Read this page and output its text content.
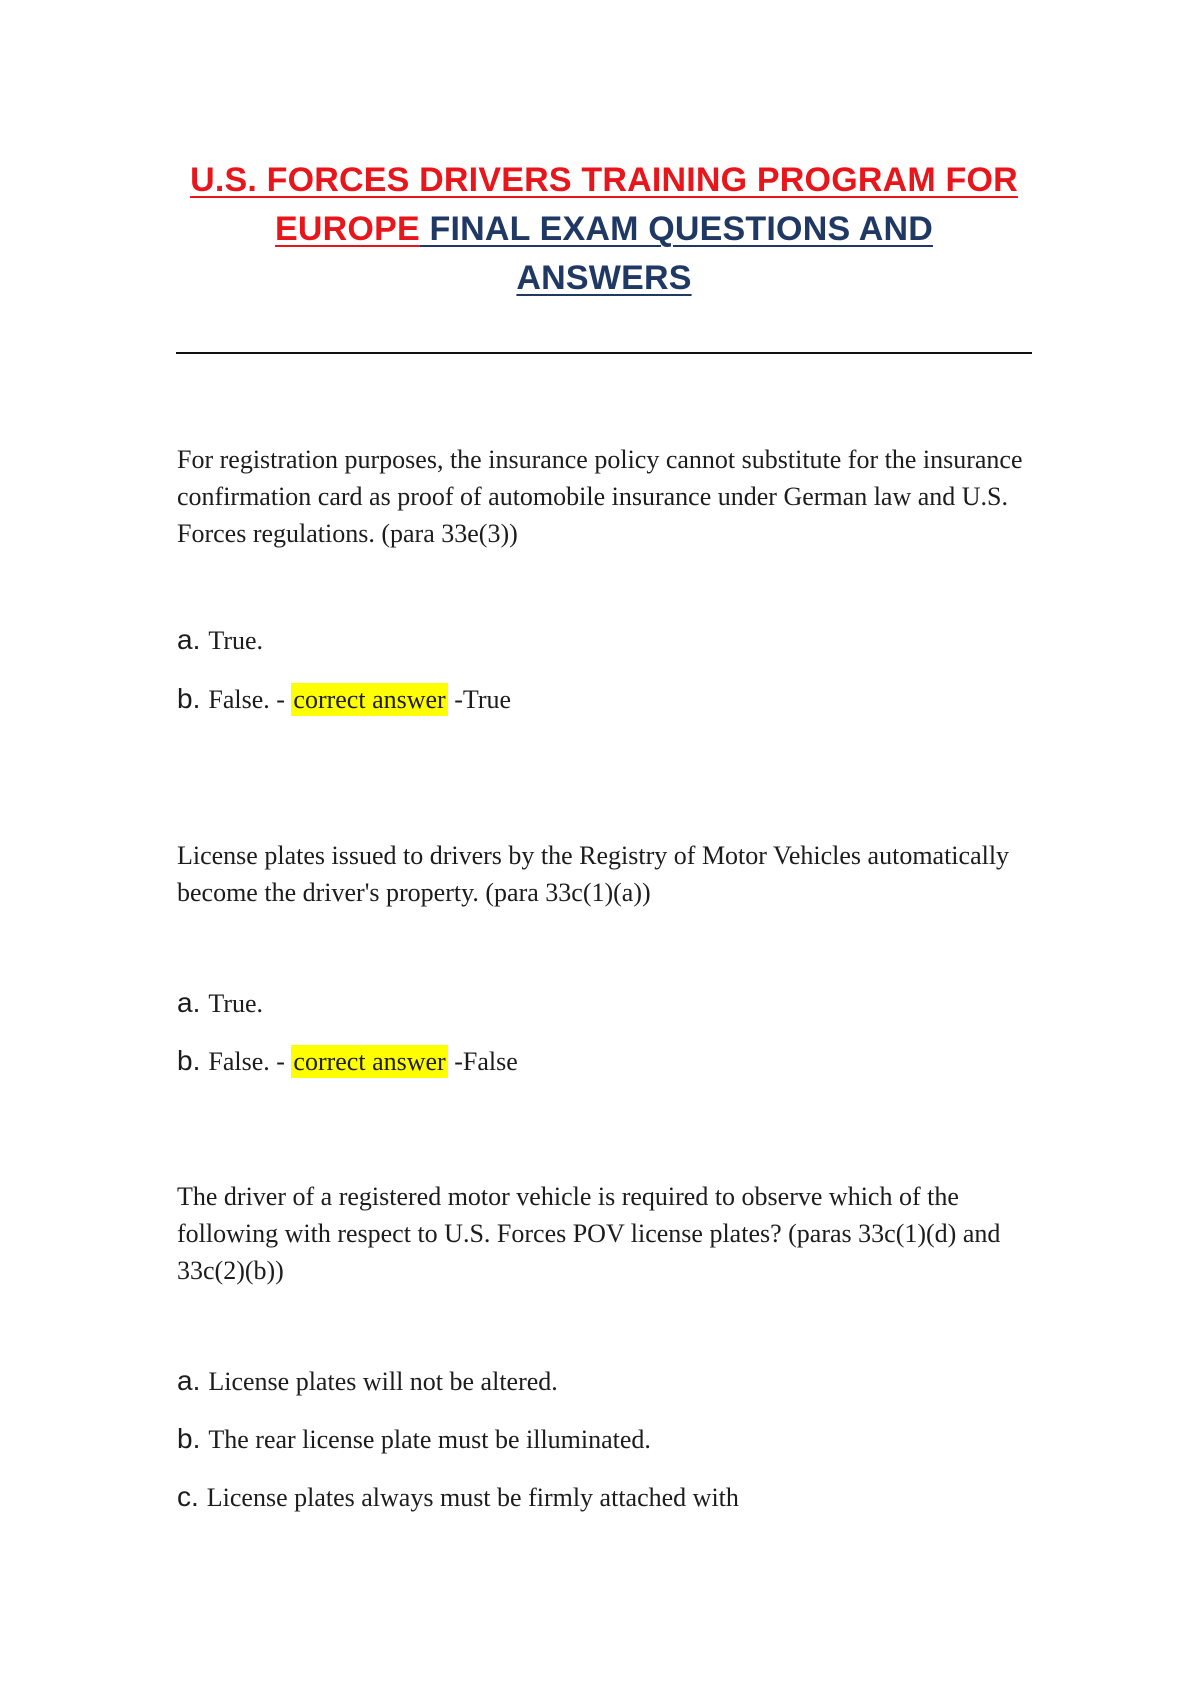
U.S. FORCES DRIVERS TRAINING PROGRAM FOR
EUROPE FINAL EXAM QUESTIONS AND
ANSWERS
For registration purposes, the insurance policy cannot substitute for the insurance confirmation card as proof of automobile insurance under German law and U.S. Forces regulations. (para 33e(3))
a. True.
b. False. - correct answer -True
License plates issued to drivers by the Registry of Motor Vehicles automatically become the driver's property. (para 33c(1)(a))
a. True.
b. False. - correct answer -False
The driver of a registered motor vehicle is required to observe which of the following with respect to U.S. Forces POV license plates? (paras 33c(1)(d) and 33c(2)(b))
a. License plates will not be altered.
b. The rear license plate must be illuminated.
c. License plates always must be firmly attached with
